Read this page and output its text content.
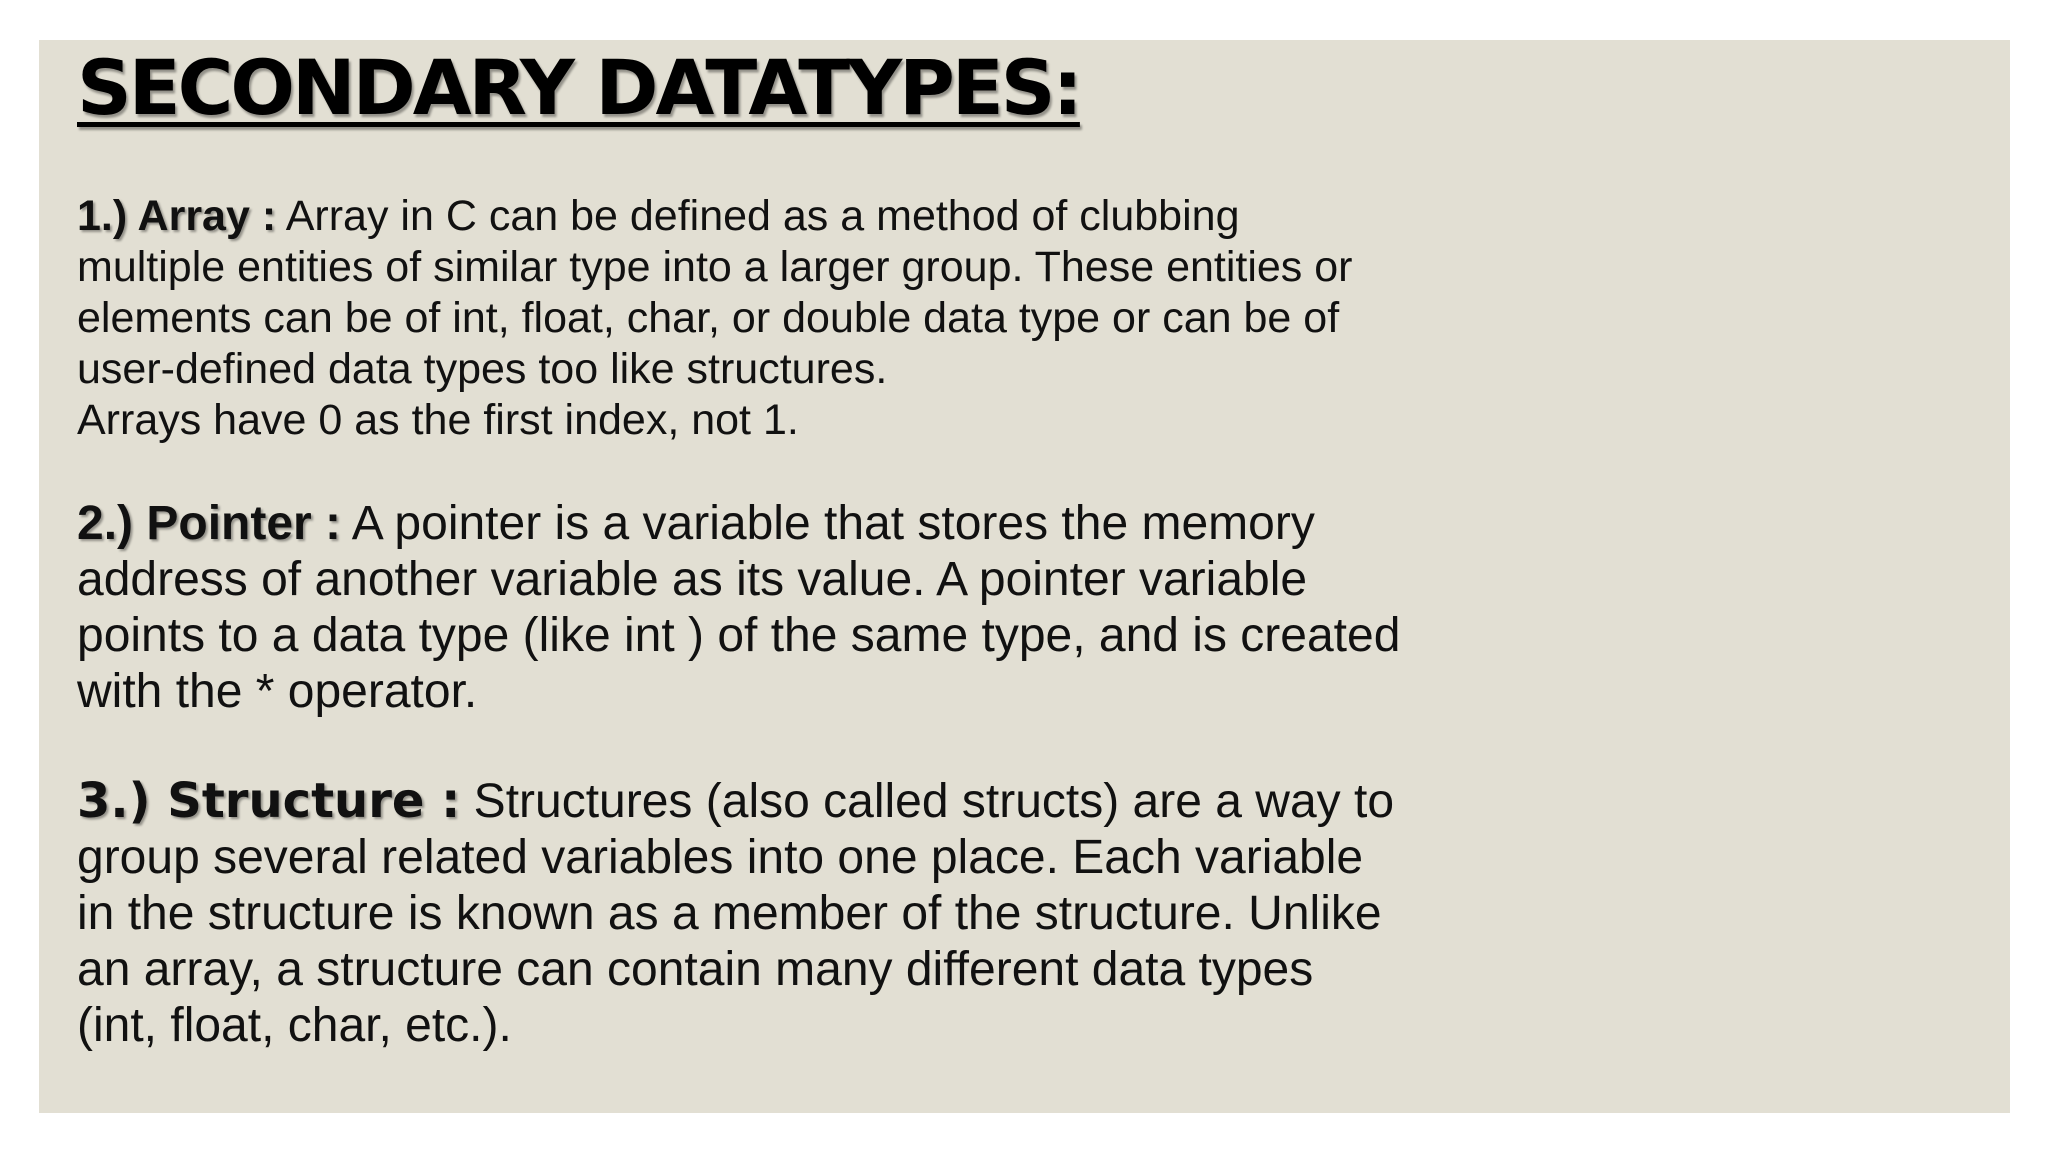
SECONDARY DATATYPES:
1.) Array : Array in C can be defined as a method of clubbing
multiple entities of similar type into a larger group. These entities or
elements can be of int, float, char, or double data type or can be of
user-defined data types too like structures.
Arrays have 0 as the first index, not 1.
2.) Pointer : A pointer is a variable that stores the memory
address of another variable as its value. A pointer variable
points to a data type (like int ) of the same type, and is created
with the * operator.
3.) Structure : Structures (also called structs) are a way to
group several related variables into one place. Each variable
in the structure is known as a member of the structure. Unlike
an array, a structure can contain many different data types
(int, float, char, etc.).
